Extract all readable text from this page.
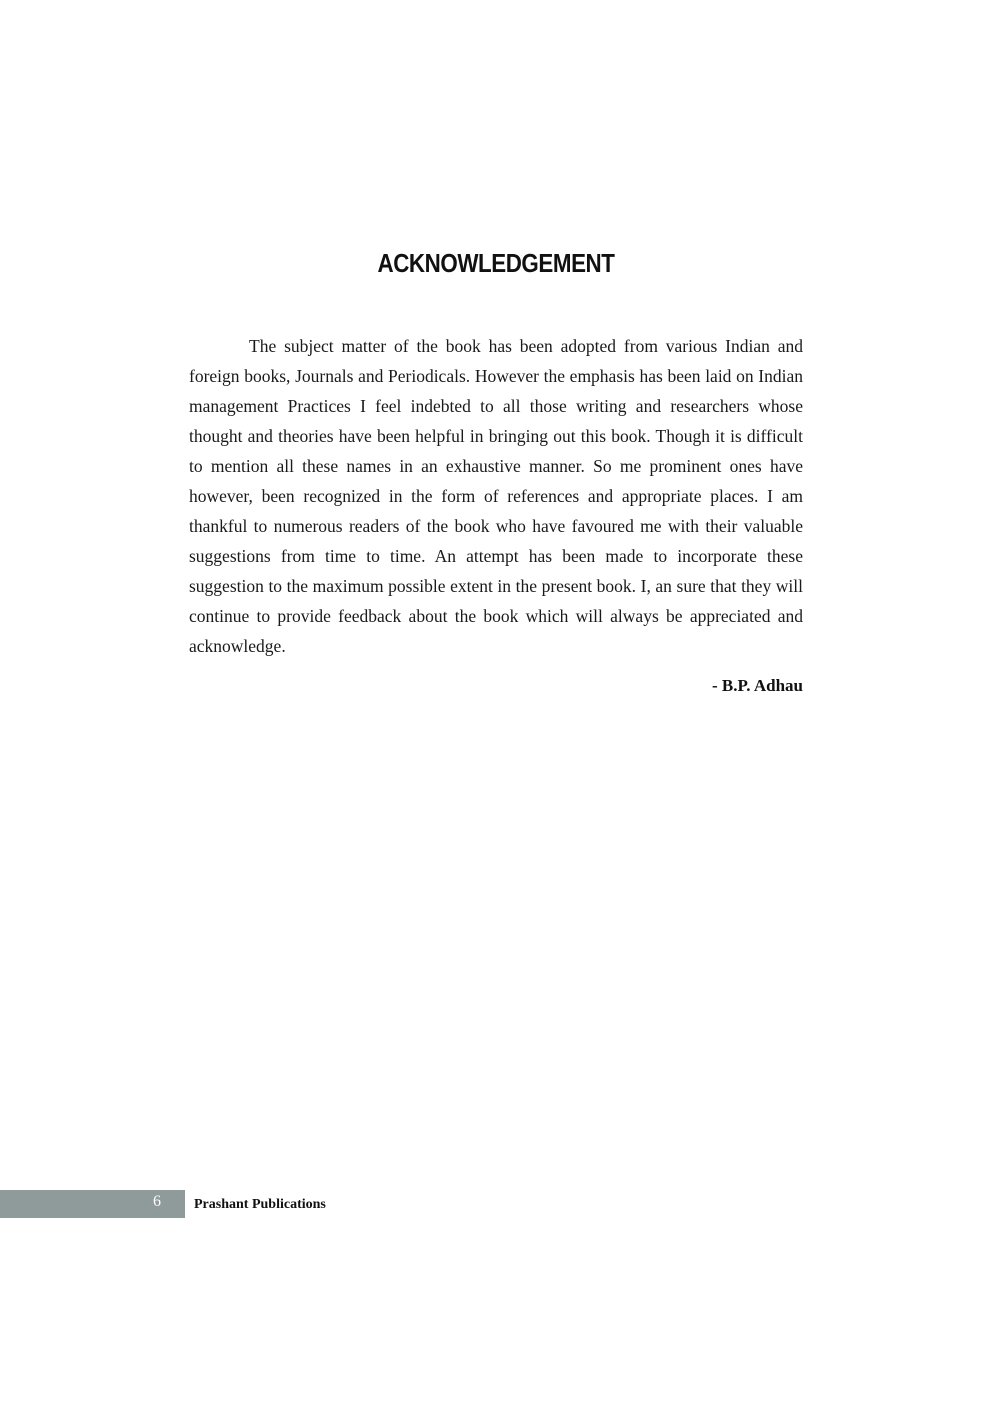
ACKNOWLEDGEMENT

The subject matter of the book has been adopted from various Indian and foreign books, Journals and Periodicals. However the emphasis has been laid on Indian management Practices I feel indebted to all those writing and researchers whose thought and theories have been helpful in bringing out this book. Though it is difficult to mention all these names in an exhaustive manner. So me prominent ones have however, been recognized in the form of references and appropriate places. I am thankful to numerous readers of the book who have favoured me with their valuable suggestions from time to time. An attempt has been made to incorporate these suggestion to the maximum possible extent in the present book. I, an sure that they will continue to provide feedback about the book which will always be appreciated and acknowledge.

- B.P. Adhau
6	Prashant Publications
